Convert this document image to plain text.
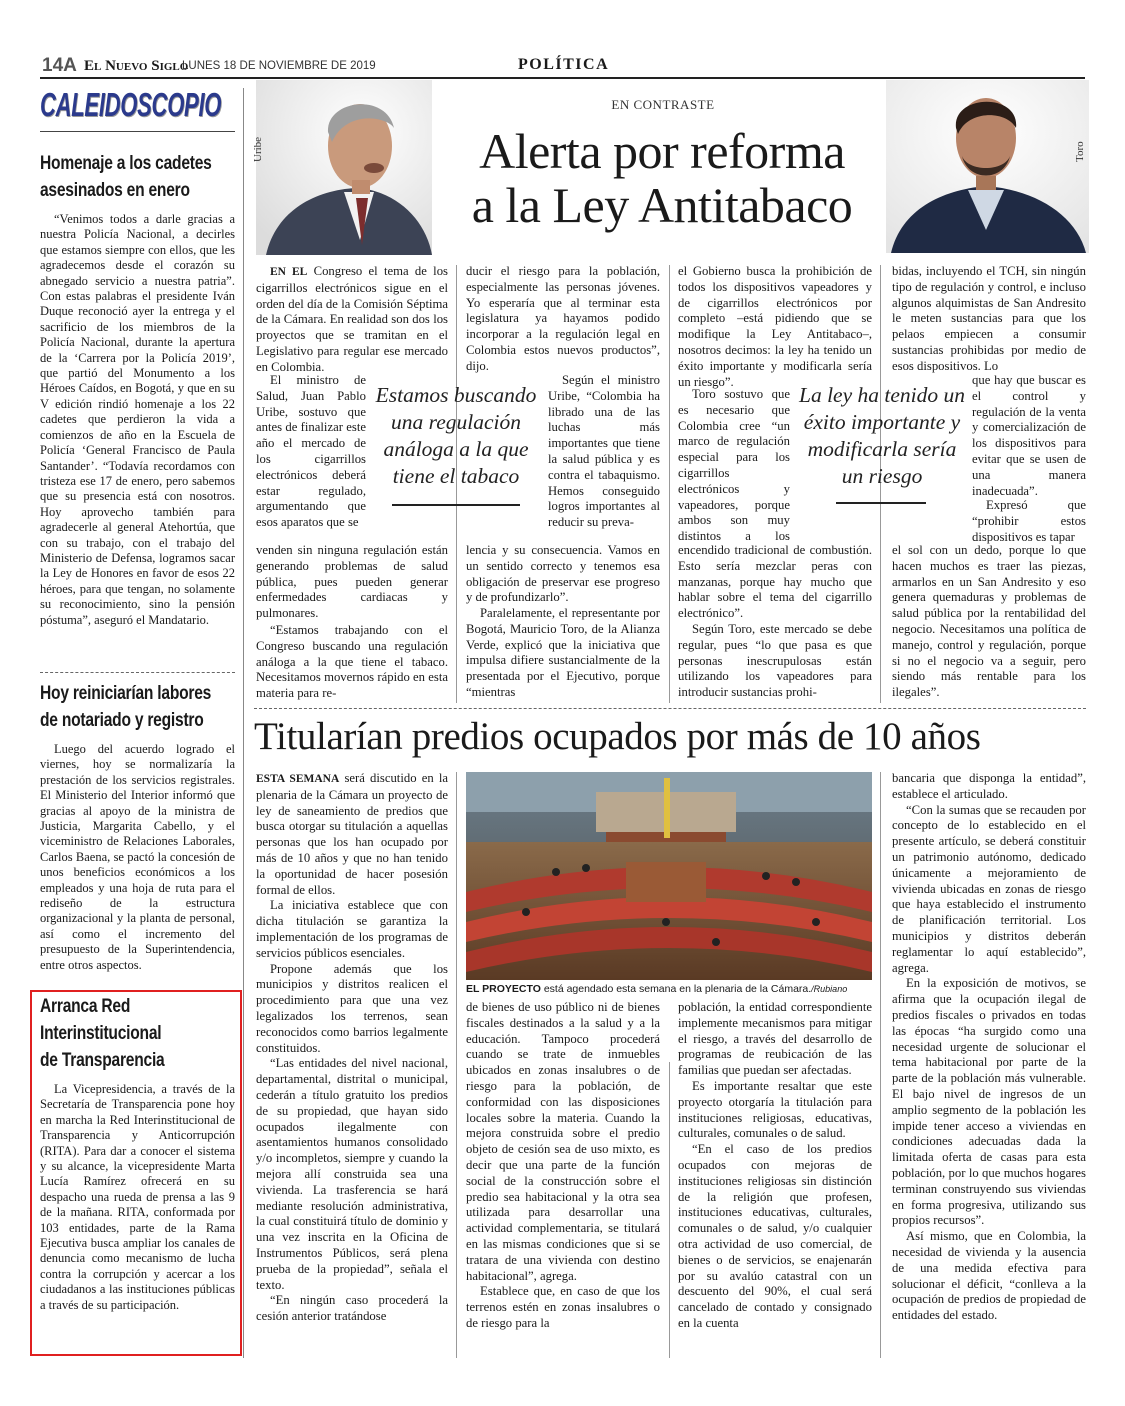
14A El Nuevo Siglo
LUNES 18 DE NOVIEMBRE DE 2019	POLÍTICA
CALEIDOSCOPIO
Homenaje a los cadetes
asesinados en enero

“Venimos todos a darle gracias a nuestra Policía Nacional, a decirles que estamos siempre con ellos, que les agradecemos desde el corazón su abnegado servicio a nuestra patria”. Con estas palabras el presidente Iván Duque reconoció ayer la entrega y el sacrificio de los miembros de la Policía Nacional, durante la apertura de la ‘Carrera por la Policía 2019’, que partió del Monumento a los Héroes Caídos, en Bogotá, y que en su V edición rindió homenaje a los 22 cadetes que perdieron la vida a comienzos de año en la Escuela de Policía ‘General Francisco de Paula Santander’. “Todavía recordamos con tristeza ese 17 de enero, pero sabemos que su presencia está con nosotros. Hoy aprovecho también para agradecerle al general Atehortúa, que con su trabajo, con el trabajo del Ministerio de Defensa, logramos sacar la Ley de Honores en favor de esos 22 héroes, para que tengan, no solamente su reconocimiento, sino la pensión póstuma”, aseguró el Mandatario.

Hoy reiniciarían labores
de notariado y registro

Luego del acuerdo logrado el viernes, hoy se normalizaría la prestación de los servicios registrales. El Ministerio del Interior informó que gracias al apoyo de la ministra de Justicia, Margarita Cabello, y el viceministro de Relaciones Laborales, Carlos Baena, se pactó la concesión de unos beneficios económicos a los empleados y una hoja de ruta para el rediseño de la estructura organizacional y la planta de personal, así como el incremento del presupuesto de la Superintendencia, entre otros aspectos.

Arranca Red
Interinstitucional
de Transparencia

La Vicepresidencia, a través de la Secretaría de Transparencia pone hoy en marcha la Red Interinstitucional de Transparencia y Anticorrupción (RITA). Para dar a conocer el sistema y su alcance, la vicepresidente Marta Lucía Ramírez ofrecerá en su despacho una rueda de prensa a las 9 de la mañana. RITA, conformada por 103 entidades, parte de la Rama Ejecutiva busca ampliar los canales de denuncia como mecanismo de lucha contra la corrupción y acercar a los ciudadanos a las instituciones públicas a través de su participación.

Uribe	Toro
EN CONTRASTE
Alerta por reforma
a la Ley Antitabaco

EN EL Congreso el tema de los cigarrillos electrónicos sigue en el orden del día de la Comisión Séptima de la Cámara. En realidad son dos los proyectos que se tramitan en el Legislativo para regular ese mercado en Colombia.

El ministro de Salud, Juan Pablo Uribe, sostuvo que antes de finalizar este año el mercado de los cigarrillos electrónicos deberá estar regulado, argumentando que esos aparatos que se

venden sin ninguna regulación están generando problemas de salud pública, pues pueden generar enfermedades cardiacas y pulmonares.

“Estamos trabajando con el Congreso buscando una regulación análoga a la que tiene el tabaco. Necesitamos movernos rápido en esta materia para re-

ducir el riesgo para la población, especialmente las personas jóvenes. Yo esperaría que al terminar esta legislatura ya hayamos podido incorporar a la regulación legal en Colombia estos nuevos productos”, dijo.

Según el ministro Uribe, “Colombia ha librado una de las luchas más importantes que tiene la salud pública y es contra el tabaquismo. Hemos conseguido logros importantes al reducir su preva-

lencia y su consecuencia. Vamos en un sentido correcto y tenemos esa obligación de preservar ese progreso y de profundizarlo”.

Paralelamente, el representante por Bogotá, Mauricio Toro, de la Alianza Verde, explicó que la iniciativa que impulsa difiere sustancialmente de la presentada por el Ejecutivo, porque “mientras

Estamos buscando una regulación análoga a la que tiene el tabaco

el Gobierno busca la prohibición de todos los dispositivos vapeadores y de cigarrillos electrónicos por completo –está pidiendo que se modifique la Ley Antitabaco–, nosotros decimos: la ley ha tenido un éxito importante y modificarla sería un riesgo”.

Toro sostuvo que es necesario que Colombia cree “un marco de regulación especial para los cigarrillos electrónicos y vapeadores, porque ambos son muy distintos a los

encendido tradicional de combustión. Esto sería mezclar peras con manzanas, porque hay mucho que hablar sobre el tema del cigarrillo electrónico”.

Según Toro, este mercado se debe regular, pues “lo que pasa es que personas inescrupulosas están utilizando los vapeadores para introducir sustancias prohi-

La ley ha tenido un éxito importante y modificarla sería un riesgo

bidas, incluyendo el TCH, sin ningún tipo de regulación y control, e incluso algunos alquimistas de San Andresito le meten sustancias para que los pelaos empiecen a consumir sustancias prohibidas por medio de esos dispositivos. Lo

que hay que buscar es el control y regulación de la venta y comercialización de los dispositivos para evitar que se usen de una manera inadecuada”.

Expresó que “prohibir estos dispositivos es tapar

el sol con un dedo, porque lo que hacen muchos es traer las piezas, armarlos en un San Andresito y eso genera quemaduras y problemas de salud pública por la rentabilidad del negocio. Necesitamos una política de manejo, control y regulación, porque si no el negocio va a seguir, pero siendo más rentable para los ilegales”.

Titularían predios ocupados por más de 10 años

ESTA SEMANA será discutido en la plenaria de la Cámara un proyecto de ley de saneamiento de predios que busca otorgar su titulación a aquellas personas que los han ocupado por más de 10 años y que no han tenido la oportunidad de hacer posesión formal de ellos.

La iniciativa establece que con dicha titulación se garantiza la implementación de los programas de servicios públicos esenciales.

Propone además que los municipios y distritos realicen el procedimiento para que una vez legalizados los terrenos, sean reconocidos como barrios legalmente constituidos.

“Las entidades del nivel nacional, departamental, distrital o municipal, cederán a título gratuito los predios de su propiedad, que hayan sido ocupados ilegalmente con asentamientos humanos consolidado y/o incompletos, siempre y cuando la mejora allí construida sea una vivienda. La trasferencia se hará mediante resolución administrativa, la cual constituirá título de dominio y una vez inscrita en la Oficina de Instrumentos Públicos, será plena prueba de la propiedad”, señala el texto.

“En ningún caso procederá la cesión anterior tratándose

EL PROYECTO está agendado esta semana en la plenaria de la Cámara./Rubiano

de bienes de uso público ni de bienes fiscales destinados a la salud y a la educación. Tampoco procederá cuando se trate de inmuebles ubicados en zonas insalubres o de riesgo para la población, de conformidad con las disposiciones locales sobre la materia. Cuando la mejora construida sobre el predio objeto de cesión sea de uso mixto, es decir que una parte de la función social de la construcción sobre el predio sea habitacional y la otra sea utilizada para desarrollar una actividad complementaria, se titulará en las mismas condiciones que si se tratara de una vivienda con destino habitacional”, agrega.

Establece que, en caso de que los terrenos estén en zonas insalubres o de riesgo para la

población, la entidad correspondiente implemente mecanismos para mitigar el riesgo, a través del desarrollo de programas de reubicación de las familias que puedan ser afectadas.

Es importante resaltar que este proyecto otorgaría la titulación para instituciones religiosas, educativas, culturales, comunales o de salud.

“En el caso de los predios ocupados con mejoras de instituciones religiosas sin distinción de la religión que profesen, instituciones educativas, culturales, comunales o de salud, y/o cualquier otra actividad de uso comercial, de bienes o de servicios, se enajenarán por su avalúo catastral con un descuento del 90%, el cual será cancelado de contado y consignado en la cuenta

bancaria que disponga la entidad”, establece el articulado.

“Con la sumas que se recauden por concepto de lo establecido en el presente artículo, se deberá constituir un patrimonio autónomo, dedicado únicamente a mejoramiento de vivienda ubicadas en zonas de riesgo que haya establecido el instrumento de planificación territorial. Los municipios y distritos deberán reglamentar lo aquí establecido”, agrega.

En la exposición de motivos, se afirma que la ocupación ilegal de predios fiscales o privados en todas las épocas “ha surgido como una necesidad urgente de solucionar el tema habitacional por parte de la parte de la población más vulnerable. El bajo nivel de ingresos de un amplio segmento de la población les impide tener acceso a viviendas en condiciones adecuadas dada la limitada oferta de casas para esta población, por lo que muchos hogares terminan construyendo sus viviendas en forma progresiva, utilizando sus propios recursos”.

Así mismo, que en Colombia, la necesidad de vivienda y la ausencia de una medida efectiva para solucionar el déficit, “conlleva a la ocupación de predios de propiedad de entidades del estado.
